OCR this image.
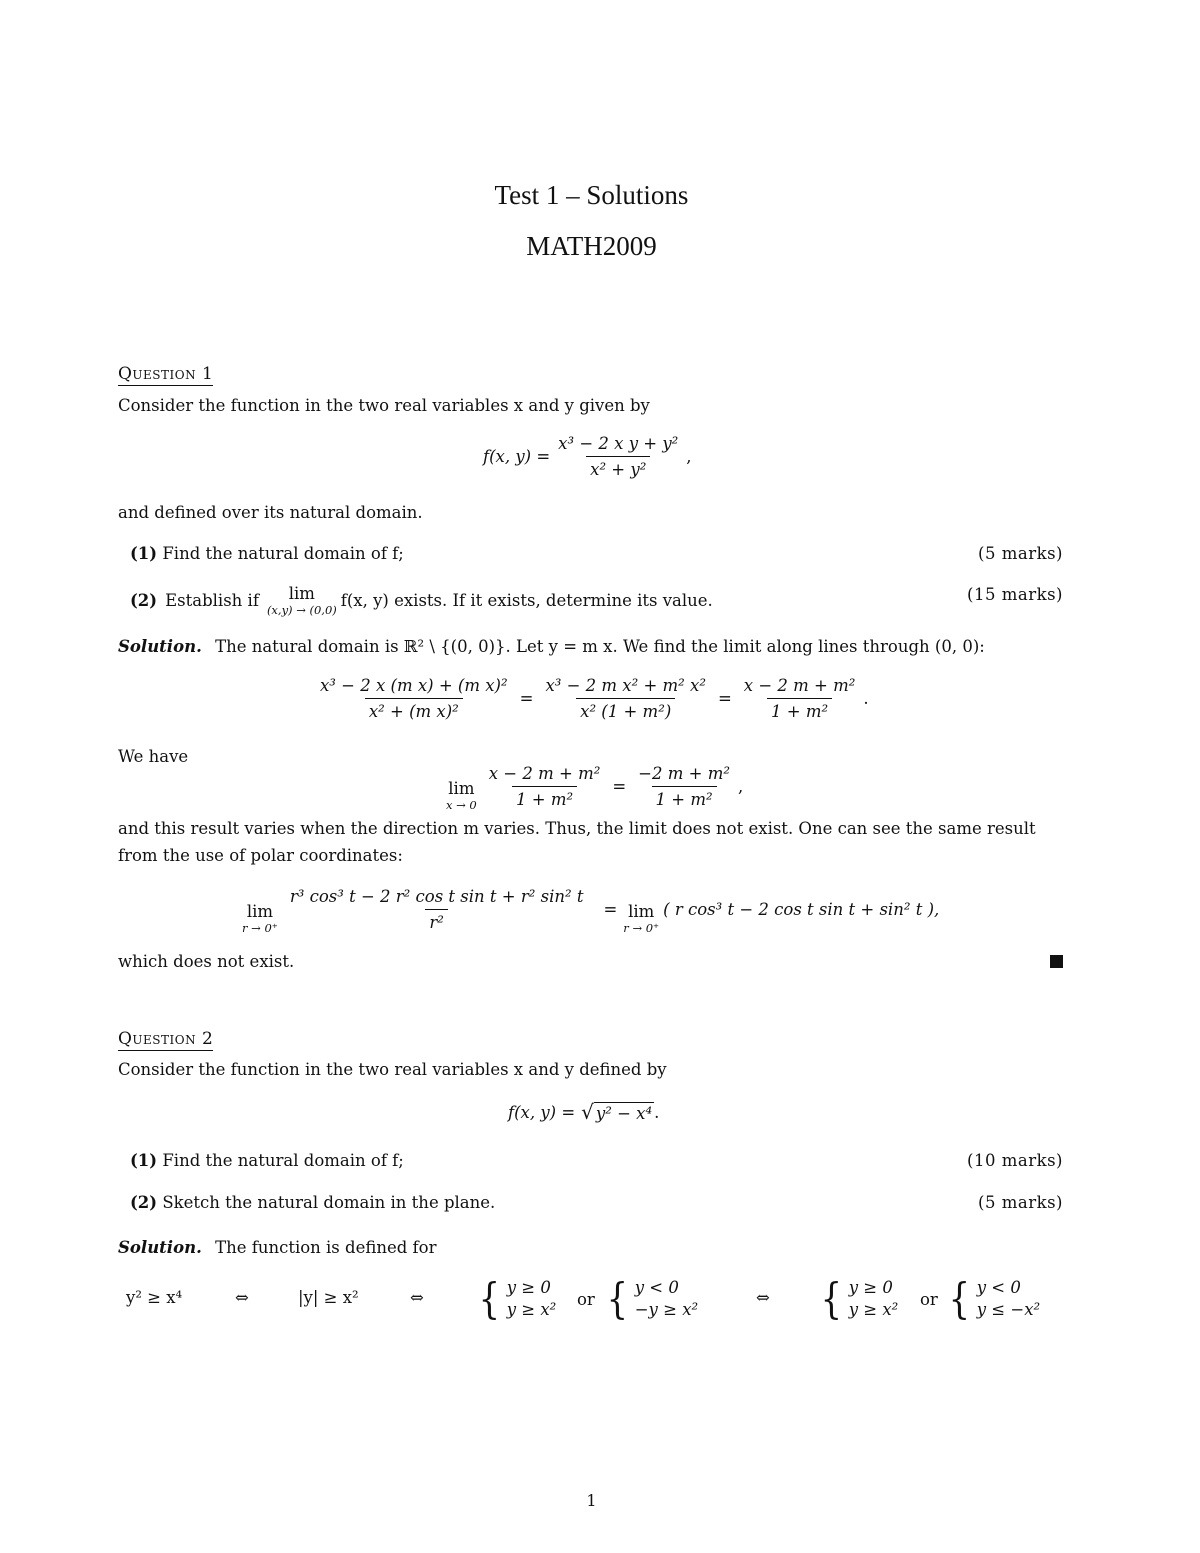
Test 1 – Solutions
MATH2009
Question 1
Consider the function in the two real variables x and y given by
f(x, $y) = \frac{\text{x³ − 2 x y + y²}}{\text{x² + y²}}$ ,
and defined over its natural domain.
(1) Find the natural domain of f;	(5 marks)
(2) Establish if lim
(x,y) → (0,0) f(x, y) exists. If it exists, determine its value.	(15 marks)
Solution. The natural domain is ℝ² \ {(0, 0)}. Let y = m x. We find the limit along lines through (0, 0):
$\frac{\text{x³ − 2 x (m x) + (m x)²}}{\text{x² + (m x)²}} = \frac{\text{x³ − 2 m x² + m² x²}}{\text{x² (1 + m²)}} = \frac{\text{x − 2 m + m²}}{\text{1 + m²}}$ .
We have
lim
$x \to 0 \frac{\text{x − 2 m + m²}}{\text{1 + m²}} = \frac{\text{−2 m + m²}}{\text{1 + m²}}$ ,
and this result varies when the direction m varies. Thus, the limit does not exist. One can see the same result from the use of polar coordinates:
lim
$r \to 0^+ \frac{\text{r³ cos³ t − 2 r² cos t sin t + r² sin² t}}{\text{r²}} = \lim$
r → 0⁺
( r cos³ t − 2 cos t sin t + sin² t ),
which does not exist.
Question 2
Consider the function in the two real variables x and y defined by
f(x, y) = √ y² − x⁴ .
(1) Find the natural domain of f;	(10 marks)
(2) Sketch the natural domain in the plane.	(5 marks)
Solution. The function is defined for
y² ≥ x⁴	⇔	|y| ≥ x²	⇔ { y ≥ 0
y ≥ x²
or { y < 0
−y ≥ x²
⇔ { y ≥ 0
y ≥ x²
or { y < 0
y ≤ −x²
1
